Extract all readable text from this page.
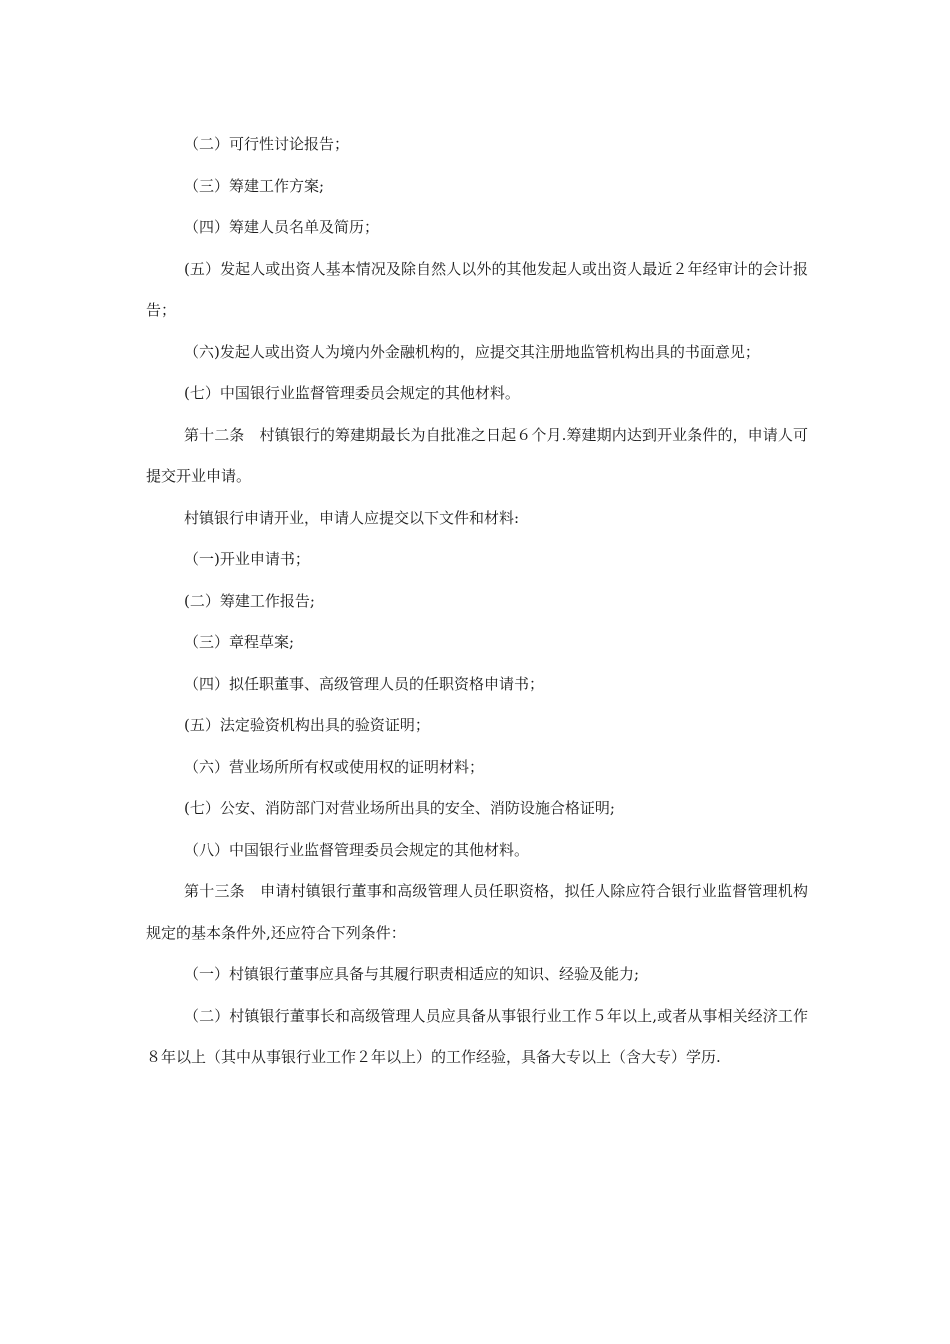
（二）可行性讨论报告；

（三）筹建工作方案;

（四）筹建人员名单及简历；

(五）发起人或出资人基本情况及除自然人以外的其他发起人或出资人最近２年经审计的会计报告；

（六)发起人或出资人为境内外金融机构的，应提交其注册地监管机构出具的书面意见；

(七）中国银行业监督管理委员会规定的其他材料。

第十二条　村镇银行的筹建期最长为自批准之日起６个月.筹建期内达到开业条件的，申请人可提交开业申请。

村镇银行申请开业，申请人应提交以下文件和材料:

（一)开业申请书；

(二）筹建工作报告;

（三）章程草案;

（四）拟任职董事、高级管理人员的任职资格申请书；

(五）法定验资机构出具的验资证明；

（六）营业场所所有权或使用权的证明材料；

(七）公安、消防部门对营业场所出具的安全、消防设施合格证明;

（八）中国银行业监督管理委员会规定的其他材料。

第十三条　申请村镇银行董事和高级管理人员任职资格，拟任人除应符合银行业监督管理机构规定的基本条件外,还应符合下列条件：

（一）村镇银行董事应具备与其履行职责相适应的知识、经验及能力;

（二）村镇银行董事长和高级管理人员应具备从事银行业工作５年以上,或者从事相关经济工作８年以上（其中从事银行业工作２年以上）的工作经验，具备大专以上（含大专）学历.
